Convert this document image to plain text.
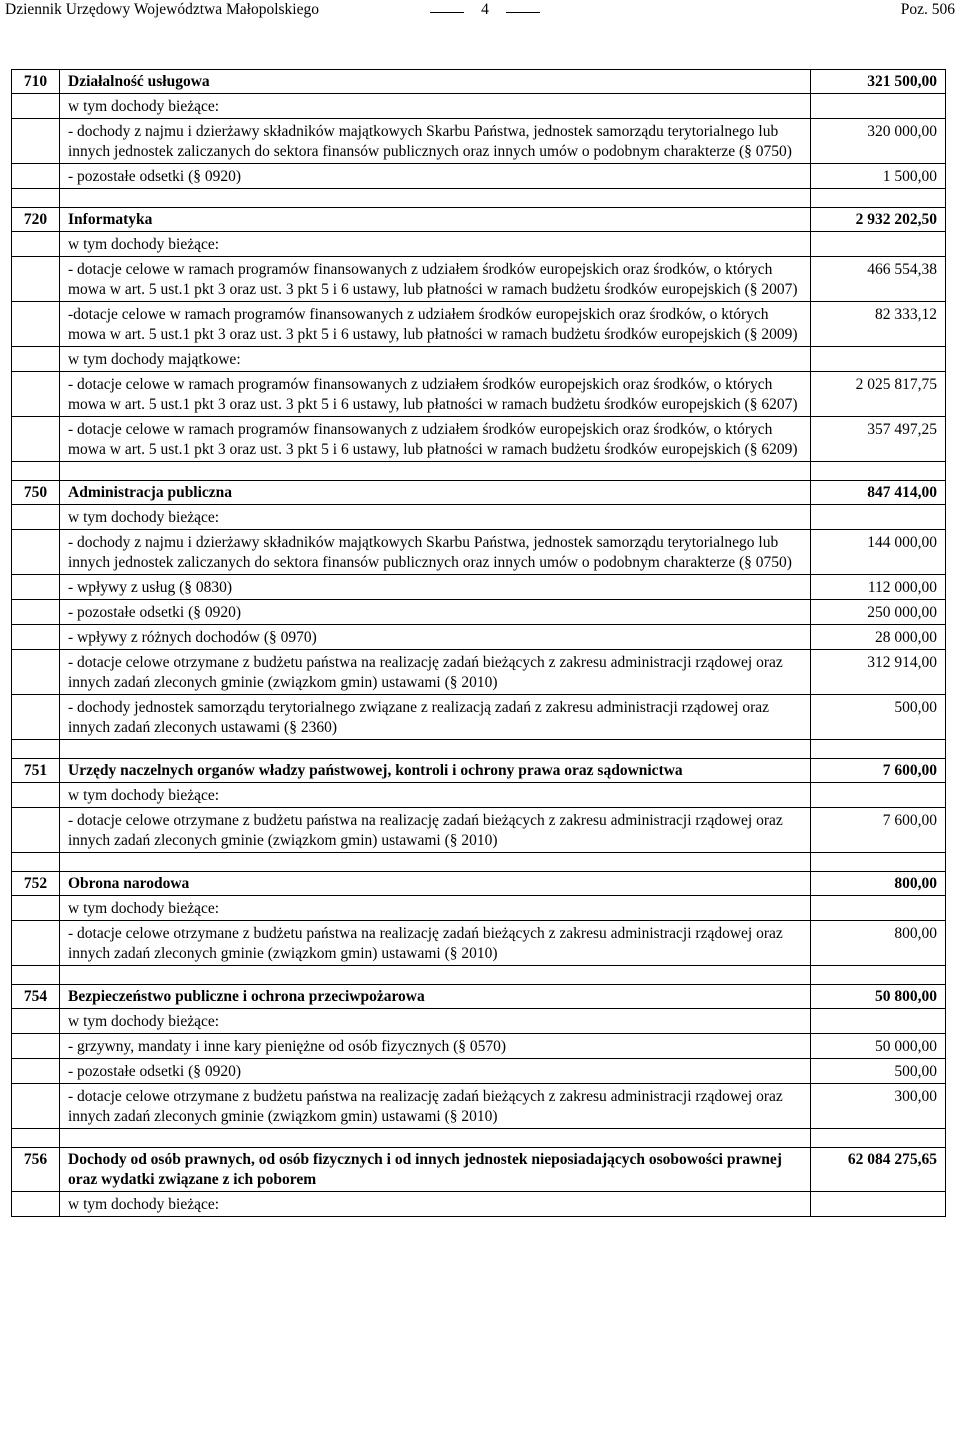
Dziennik Urzędowy Województwa Małopolskiego	4	Poz. 506
710	Działalność usługowa	321 500,00
	w tym dochody bieżące:	
	- dochody z najmu i dzierżawy składników majątkowych Skarbu Państwa, jednostek samorządu terytorialnego lub innych jednostek zaliczanych do sektora finansów publicznych oraz innych umów o podobnym charakterze (§ 0750)	320 000,00
	- pozostałe odsetki (§ 0920)	1 500,00

720	Informatyka	2 932 202,50
	w tym dochody bieżące:	
	- dotacje celowe w ramach programów finansowanych z udziałem środków europejskich oraz środków, o których mowa w art. 5 ust.1 pkt 3 oraz ust. 3 pkt 5 i 6 ustawy, lub płatności w ramach budżetu środków europejskich (§ 2007)	466 554,38
	-dotacje celowe w ramach programów finansowanych z udziałem środków europejskich oraz środków, o których mowa w art. 5 ust.1 pkt 3 oraz ust. 3 pkt 5 i 6 ustawy, lub płatności w ramach budżetu środków europejskich (§ 2009)	82 333,12
	w tym dochody majątkowe:	
	- dotacje celowe w ramach programów finansowanych z udziałem środków europejskich oraz środków, o których mowa w art. 5 ust.1 pkt 3 oraz ust. 3 pkt 5 i 6 ustawy, lub płatności w ramach budżetu środków europejskich (§ 6207)	2 025 817,75
	- dotacje celowe w ramach programów finansowanych z udziałem środków europejskich oraz środków, o których mowa w art. 5 ust.1 pkt 3 oraz ust. 3 pkt 5 i 6 ustawy, lub płatności w ramach budżetu środków europejskich (§ 6209)	357 497,25

750	Administracja publiczna	847 414,00
	w tym dochody bieżące:	
	- dochody z najmu i dzierżawy składników majątkowych Skarbu Państwa, jednostek samorządu terytorialnego lub innych jednostek zaliczanych do sektora finansów publicznych oraz innych umów o podobnym charakterze (§ 0750)	144 000,00
	- wpływy z usług (§ 0830)	112 000,00
	- pozostałe odsetki (§ 0920)	250 000,00
	- wpływy z różnych dochodów (§ 0970)	28 000,00
	- dotacje celowe otrzymane z budżetu państwa na realizację zadań bieżących z zakresu administracji rządowej oraz innych zadań zleconych gminie (związkom gmin) ustawami (§ 2010)	312 914,00
	- dochody jednostek samorządu terytorialnego związane z realizacją zadań z zakresu administracji rządowej oraz innych zadań zleconych ustawami (§ 2360)	500,00

751	Urzędy naczelnych organów władzy państwowej, kontroli i ochrony prawa oraz sądownictwa	7 600,00
	w tym dochody bieżące:	
	- dotacje celowe otrzymane z budżetu państwa na realizację zadań bieżących z zakresu administracji rządowej oraz innych zadań zleconych gminie (związkom gmin) ustawami (§ 2010)	7 600,00

752	Obrona narodowa	800,00
	w tym dochody bieżące:	
	- dotacje celowe otrzymane z budżetu państwa na realizację zadań bieżących z zakresu administracji rządowej oraz innych zadań zleconych gminie (związkom gmin) ustawami (§ 2010)	800,00

754	Bezpieczeństwo publiczne i ochrona przeciwpożarowa	50 800,00
	w tym dochody bieżące:	
	- grzywny, mandaty i inne kary pieniężne od osób fizycznych (§ 0570)	50 000,00
	- pozostałe odsetki (§ 0920)	500,00
	- dotacje celowe otrzymane z budżetu państwa na realizację zadań bieżących z zakresu administracji rządowej oraz innych zadań zleconych gminie (związkom gmin) ustawami (§ 2010)	300,00

756	Dochody od osób prawnych, od osób fizycznych i od innych jednostek nieposiadających osobowości prawnej oraz wydatki związane z ich poborem	62 084 275,65
	w tym dochody bieżące:	
